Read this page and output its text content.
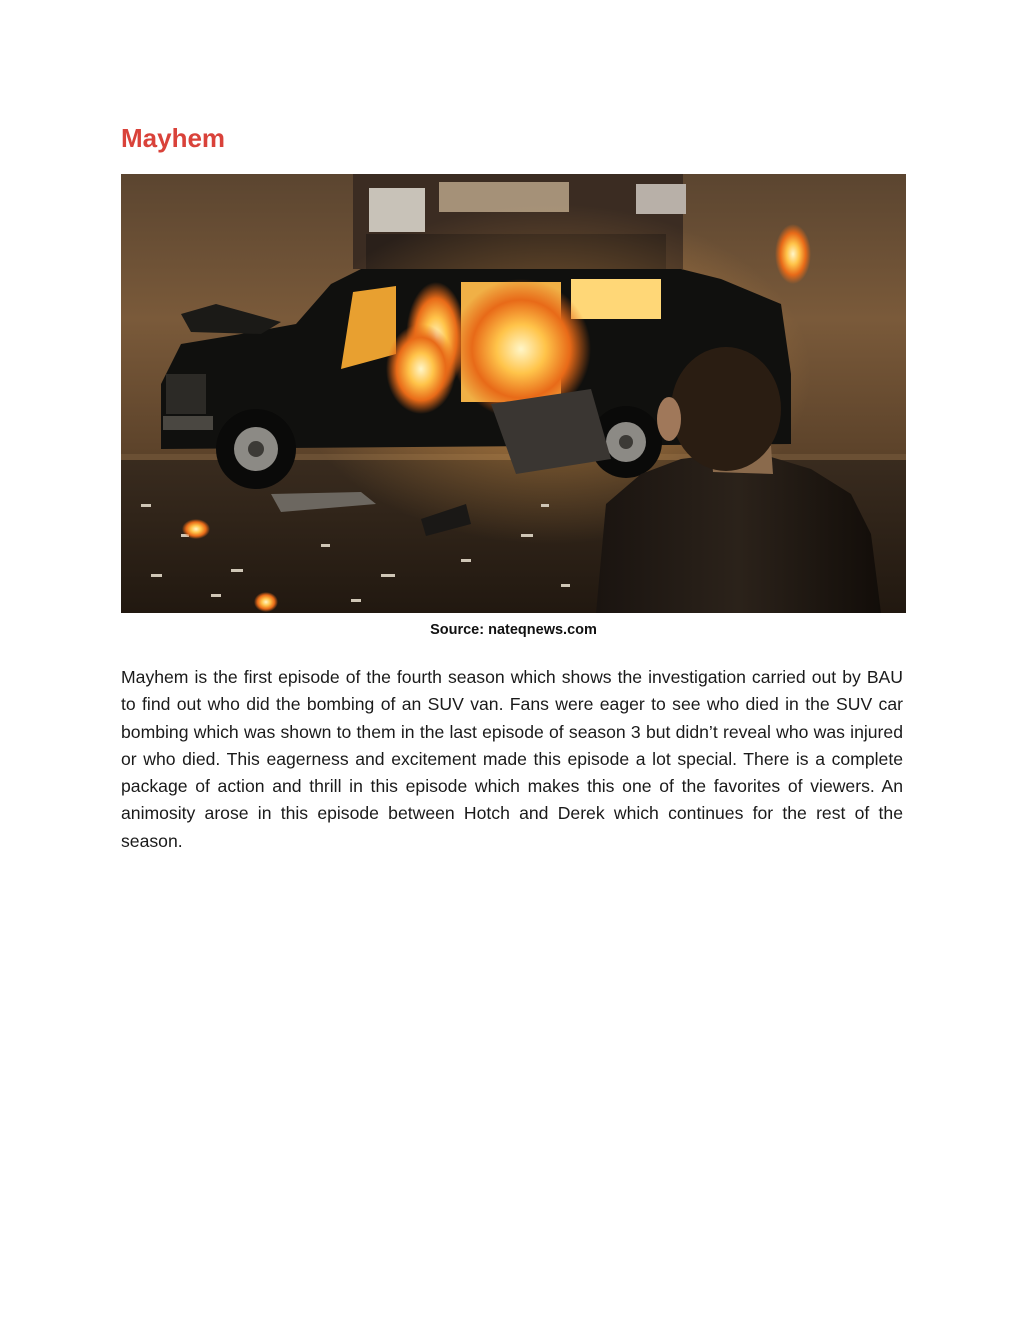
Mayhem
Source: nateqnews.com

Mayhem is the first episode of the fourth season which shows the investigation carried out by BAU to find out who did the bombing of an SUV van. Fans were eager to see who died in the SUV car bombing which was shown to them in the last episode of season 3 but didn’t reveal who was injured or who died. This eagerness and excitement made this episode a lot special. There is a complete package of action and thrill in this episode which makes this one of the favorites of viewers. An animosity arose in this episode between Hotch and Derek which continues for the rest of the season.
